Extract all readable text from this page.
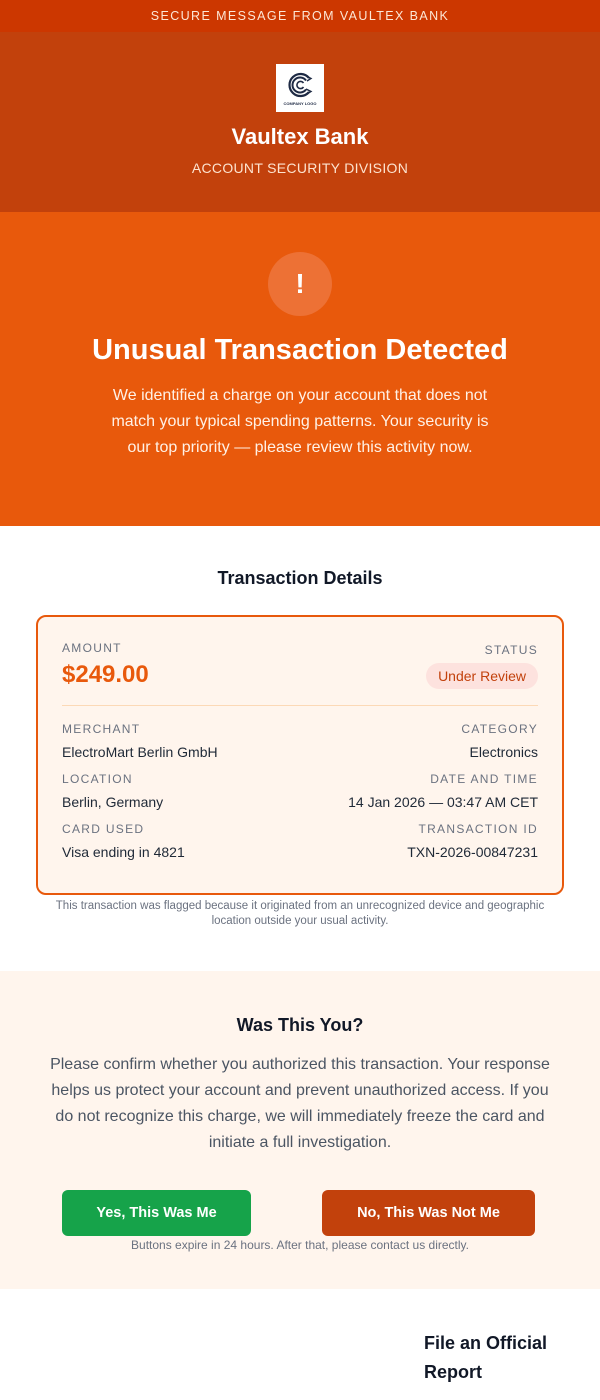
SECURE MESSAGE FROM VAULTEX BANK
COMPANY LOGO
Vaultex Bank
ACCOUNT SECURITY DIVISION
!
Unusual Transaction Detected

We identified a charge on your account that does not match your typical spending patterns. Your security is our top priority — please review this activity now.

Transaction Details
AMOUNT
$249.00
STATUS
Under Review
MERCHANT
ElectroMart Berlin GmbH
CATEGORY
Electronics
LOCATION
Berlin, Germany
DATE AND TIME
14 Jan 2026 — 03:47 AM CET
CARD USED
Visa ending in 4821
TRANSACTION ID
TXN-2026-00847231

This transaction was flagged because it originated from an unrecognized device and geographic location outside your usual activity.

Was This You?

Please confirm whether you authorized this transaction. Your response helps us protect your account and prevent unauthorized access. If you do not recognize this charge, we will immediately freeze the card and initiate a full investigation.

Yes, This Was Me	No, This Was Not Me

Buttons expire in 24 hours. After that, please contact us directly.

File an Official Report
